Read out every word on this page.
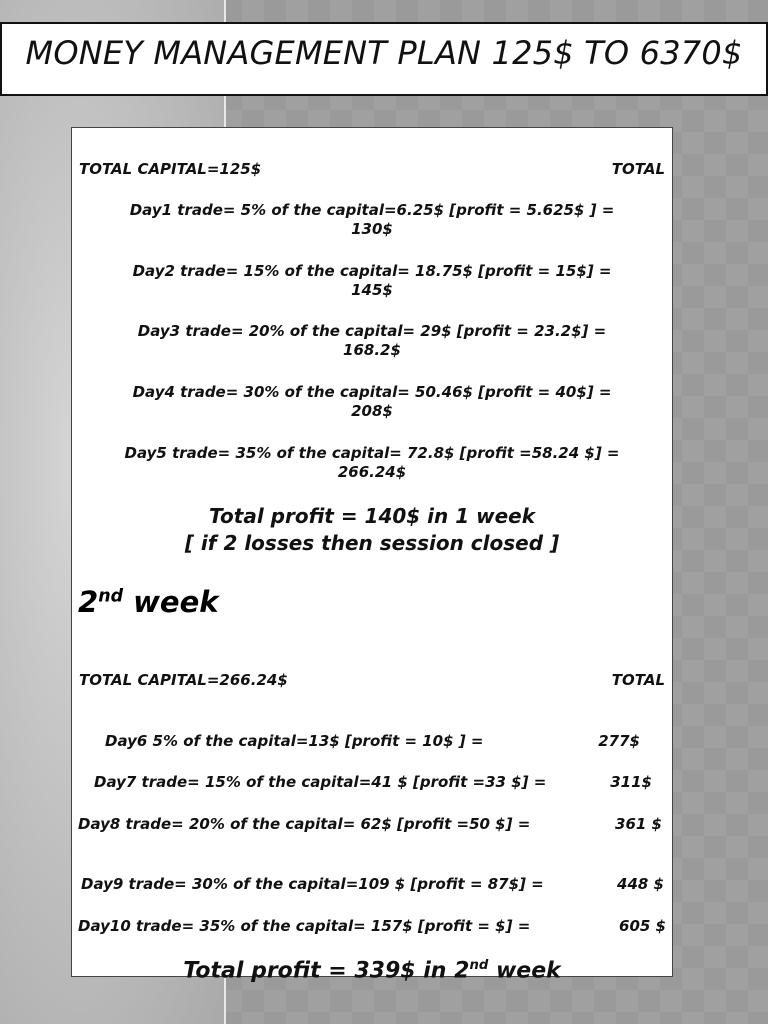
MONEY MANAGEMENT PLAN 125$ TO 6370$
TOTAL CAPITAL=125$	TOTAL
Day1 trade= 5% of the capital=6.25$ [profit = 5.625$ ] =
130$
Day2 trade= 15% of the capital= 18.75$ [profit = 15$] =
145$
Day3 trade= 20% of the capital= 29$ [profit = 23.2$] =
168.2$
Day4 trade= 30% of the capital= 50.46$ [profit = 40$] =
208$
Day5 trade= 35% of the capital= 72.8$ [profit =58.24 $] =
266.24$
Total profit = 140$ in 1 week
[ if 2 losses then session closed ]
2nd week
TOTAL CAPITAL=266.24$	TOTAL
Day6 5% of the capital=13$ [profit = 10$ ] =	277$
Day7 trade= 15% of the capital=41 $ [profit =33 $] =	311$
Day8 trade= 20% of the capital= 62$ [profit =50 $] =	361 $
Day9 trade= 30% of the capital=109 $ [profit = 87$] =	448 $
Day10 trade= 35% of the capital= 157$ [profit = $] =	605 $
Total profit = 339$ in 2nd week
